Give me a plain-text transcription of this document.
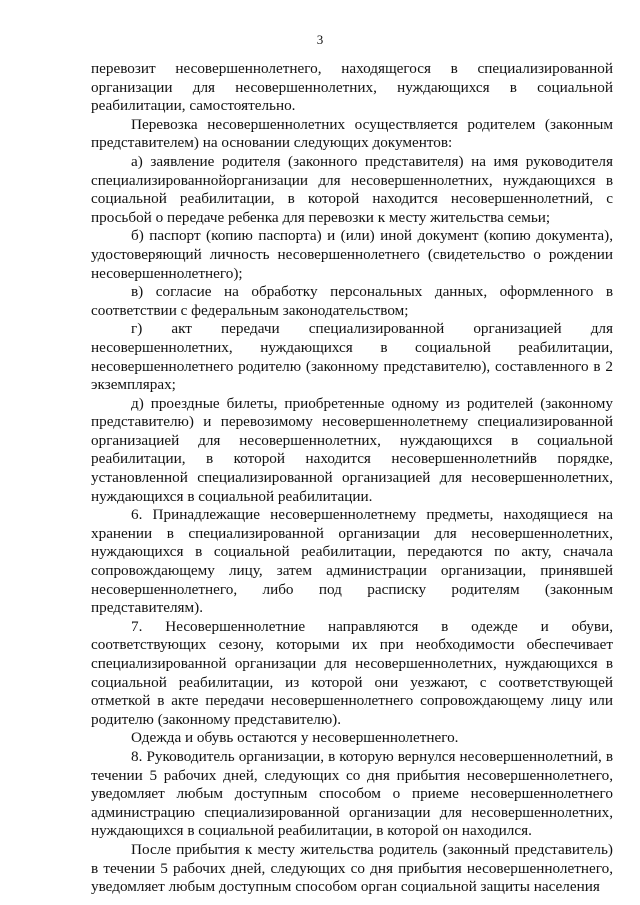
3

перевозит несовершеннолетнего, находящегося в специализированной организации для несовершеннолетних, нуждающихся в социальной реабилитации, самостоятельно.

Перевозка несовершеннолетних осуществляется родителем (законным представителем) на основании следующих документов:

а) заявление родителя (законного представителя) на имя руководителя специализированнойорганизации для несовершеннолетних, нуждающихся в социальной реабилитации, в которой находится несовершеннолетний, с просьбой о передаче ребенка для перевозки к месту жительства семьи;

б) паспорт (копию паспорта) и (или) иной документ (копию документа), удостоверяющий личность несовершеннолетнего (свидетельство о рождении несовершеннолетнего);

в) согласие на обработку персональных данных, оформленного в соответствии с федеральным законодательством;

г) акт передачи специализированной организацией для несовершеннолетних, нуждающихся в социальной реабилитации, несовершеннолетнего родителю (законному представителю), составленного в 2 экземплярах;

д) проездные билеты, приобретенные одному из родителей (законному представителю) и перевозимому несовершеннолетнему специализированной организацией для несовершеннолетних, нуждающихся в социальной реабилитации, в которой находится несовершеннолетнийв порядке, установленной специализированной организацией для несовершеннолетних, нуждающихся в социальной реабилитации.

6. Принадлежащие несовершеннолетнему предметы, находящиеся на хранении в специализированной организации для несовершеннолетних, нуждающихся в социальной реабилитации, передаются по акту, сначала сопровождающему лицу, затем администрации организации, принявшей несовершеннолетнего, либо под расписку родителям (законным представителям).

7. Несовершеннолетние направляются в одежде и обуви, соответствующих сезону, которыми их при необходимости обеспечивает специализированной организации для несовершеннолетних, нуждающихся в социальной реабилитации, из которой они уезжают, с соответствующей отметкой в акте передачи несовершеннолетнего сопровождающему лицу или родителю (законному представителю).

Одежда и обувь остаются у несовершеннолетнего.

8. Руководитель организации, в которую вернулся несовершеннолетний, в течении 5 рабочих дней, следующих со дня прибытия несовершеннолетнего, уведомляет любым доступным способом о приеме несовершеннолетнего администрацию специализированной организации для несовершеннолетних, нуждающихся в социальной реабилитации, в которой он находился.

После прибытия к месту жительства родитель (законный представитель) в течении 5 рабочих дней, следующих со дня прибытия несовершеннолетнего, уведомляет любым доступным способом орган социальной защиты населения
